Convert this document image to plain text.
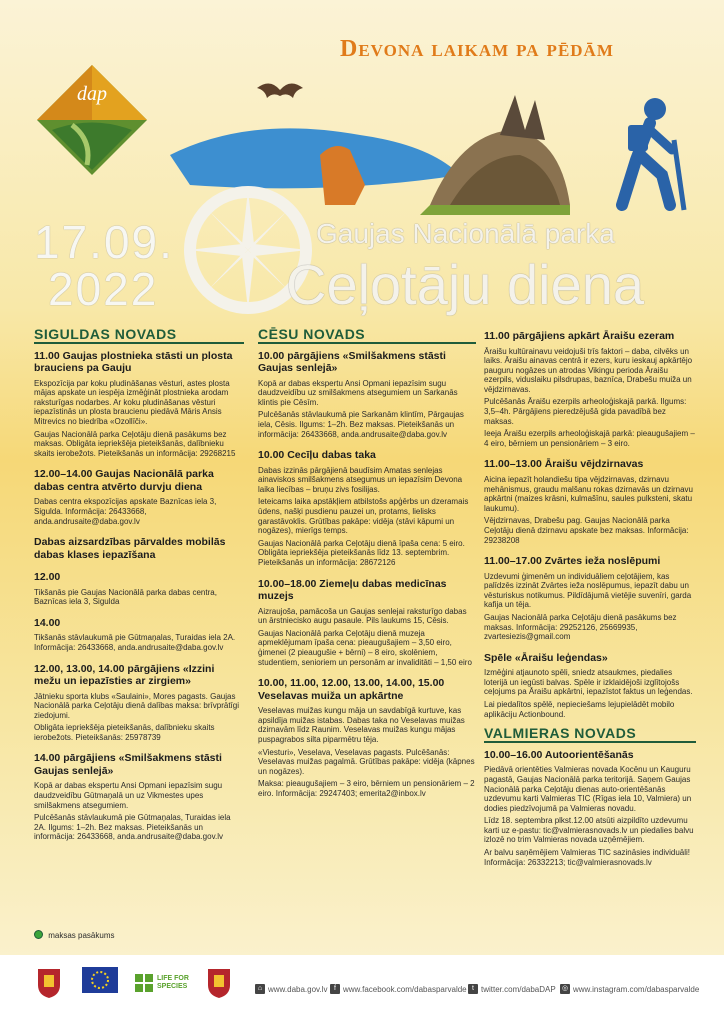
Devona laikam pa pēdām
dap
17.09.
2022
Gaujas Nacionālā parka
Ceļotāju diena
SIGULDAS NOVADS
11.00 Gaujas plostnieka stāsti un plosta brauciens pa Gauju

Ekspozīcija par koku pludināšanas vēsturi, astes plosta mājas apskate un iespēja izmēģināt plostnieka arodam raksturīgas nodarbes. Ar koku pludināšanas vēsturi iepazīstinās un plosta braucienu piedāvā Māris Ansis Mitrevics no biedrība «Ozollīči».

Gaujas Nacionālā parka Ceļotāju dienā pasākums bez maksas. Obligāta iepriekšēja pieteikšanās, dalībnieku skaits ierobežots. Pieteikšanās un informācija: 29268215

12.00–14.00 Gaujas Nacionālā parka dabas centra atvērto durvju diena

Dabas centra ekspozīcijas apskate Baznīcas iela 3, Sigulda. Informācija: 26433668, anda.andrusaite@daba.gov.lv

Dabas aizsardzības pārvaldes mobilās dabas klases iepazīšana
12.00

Tikšanās pie Gaujas Nacionālā parka dabas centra, Baznīcas iela 3, Sigulda

14.00

Tikšanās stāvlaukumā pie Gūtmaņalas, Turaidas iela 2A. Informācija: 26433668, anda.andrusaite@daba.gov.lv

12.00, 13.00, 14.00 pārgājiens «Izzini mežu un iepazīsties ar zirgiem»

Jātnieku sporta klubs «Saulaini», Mores pagasts. Gaujas Nacionālā parka Ceļotāju dienā dalības maksa: brīvprātīgi ziedojumi.

Obligāta iepriekšēja pieteikšanās, dalībnieku skaits ierobežots. Pieteikšanās: 25978739

14.00 pārgājiens «Smilšakmens stāsti Gaujas senlejā»

Kopā ar dabas ekspertu Ansi Opmani iepazīsim sugu daudzveidību Gūtmaņalā un uz Vikmestes upes smilšakmens atsegumiem.

Pulcēšanās stāvlaukumā pie Gūtmaņalas, Turaidas iela 2A. Ilgums: 1–2h. Bez maksas. Pieteikšanās un informācija: 26433668, anda.andrusaite@daba.gov.lv

CĒSU NOVADS
10.00 pārgājiens «Smilšakmens stāsti Gaujas senlejā»

Kopā ar dabas ekspertu Ansi Opmani iepazīsim sugu daudzveidību uz smilšakmens atsegumiem un Sarkanās klintis pie Cēsīm.

Pulcēšanās stāvlaukumā pie Sarkanām klintīm, Pārgaujas iela, Cēsis. Ilgums: 1–2h. Bez maksas. Pieteikšanās un informācija: 26433668, anda.andrusaite@daba.gov.lv

10.00 Cecīļu dabas taka

Dabas izzinās pārgājienā baudīsim Amatas senlejas ainaviskos smilšakmens atsegumus un iepazīsim Devona laika liecības – bruņu zivs fosilijas.

Ieteicams laika apstākļiem atbilstošs apģērbs un dzeramais ūdens, našķi pusdienu pauzei un, protams, lielisks garastāvoklis. Grūtības pakāpe: vidēja (stāvi kāpumi un nogāzes), mierīgs temps.

Gaujas Nacionālā parka Ceļotāju dienā īpaša cena: 5 eiro. Obligāta iepriekšēja pieteikšanās līdz 13. septembrim. Pieteikšanās un informācija: 28672126

10.00–18.00 Ziemeļu dabas medicīnas muzejs

Aizraujoša, pamācoša un Gaujas senlejai raksturīgo dabas un ārstniecisko augu pasaule. Pils laukums 15, Cēsis.

Gaujas Nacionālā parka Ceļotāju dienā muzeja apmeklējumam īpaša cena: pieaugušajiem – 3,50 eiro, ģimenei (2 pieaugušie + bērni) – 8 eiro, skolēniem, studentiem, senioriem un personām ar invaliditāti – 1,50 eiro

10.00, 11.00, 12.00, 13.00, 14.00, 15.00 Veselavas muiža un apkārtne

Veselavas muižas kungu māja un savdabīgā kurtuve, kas apsildīja muižas istabas. Dabas taka no Veselavas muižas dzirnavām līdz Raunim. Veselavas muižas kungu mājas puspagrabos silta piparmētru tēja.

«Viesturi», Veselava, Veselavas pagasts. Pulcēšanās: Veselavas muižas pagalmā. Grūtības pakāpe: vidēja (kāpnes un nogāzes).

Maksa: pieaugušajiem – 3 eiro, bērniem un pensionāriem – 2 eiro. Informācija: 29247403; emerita2@inbox.lv

11.00 pārgājiens apkārt Āraišu ezeram

Āraišu kultūrainavu veidojuši trīs faktori – daba, cilvēks un laiks. Āraišu ainavas centrā ir ezers, kuru ieskauj apkārtējo pauguru nogāzes un atrodas Vikingu perioda Āraišu ezerpils, viduslaiku pilsdrupas, baznīca, Drabešu muiža un vējdzirnavas.

Pulcēšanās Āraišu ezerpils arheoloģiskajā parkā. Ilgums: 3,5–4h. Pārgājiens pieredzējušā gida pavadībā bez maksas.

Ieeja Āraišu ezerpils arheoloģiskajā parkā: pieaugušajiem – 4 eiro, bērniem un pensionāriem – 3 eiro.

11.00–13.00 Āraišu vējdzirnavas

Aicina iepazīt holandiešu tipa vējdzirnavas, dzirnavu mehānismus, graudu malšanu rokas dzirnavās un dzirnavu apkārtni (maizes krāsni, kulmašīnu, saules pulksteni, skatu laukumu).

Vējdzirnavas, Drabešu pag. Gaujas Nacionālā parka Ceļotāju dienā dzirnavu apskate bez maksas. Informācija: 29238208

11.00–17.00 Zvārtes ieža noslēpumi

Uzdevumi ģimenēm un individuāliem ceļotājiem, kas palīdzēs izzināt Zvārtes ieža noslēpumus, iepazīt dabu un vēsturiskus notikumus. Pildīdājumā vietējie suvenīri, garda kafija un tēja.

Gaujas Nacionālā parka Ceļotāju dienā pasākums bez maksas. Informācija: 29252126, 25669935, zvartesiezis@gmail.com

Spēle «Āraišu leģendas»

Izmēģini atjaunoto spēli, sniedz atsaukmes, piedalies loterijā un iegūsti balvas. Spēle ir izklaidējoši izglītojošs ceļojums pa Āraišu apkārtni, iepazīstot faktus un leģendas.

Lai piedalītos spēlē, nepieciešams lejupielādēt mobilo aplikāciju Actionbound.

VALMIERAS NOVADS
10.00–16.00 Autoorientēšanās

Piedāvā orientēties Valmieras novada Kocēnu un Kauguru pagastā, Gaujas Nacionālā parka teritorijā. Saņem Gaujas Nacionālā parka Ceļotāju dienas auto-orientēšanās uzdevumu karti Valmieras TIC (Rīgas iela 10, Valmiera) un dodies piedzīvojumā pa Valmieras novadu.

Līdz 18. septembra plkst.12.00 atsūti aizpildīto uzdevumu karti uz e-pastu: tic@valmierasnovads.lv un piedalies balvu izlozē no trim Valmieras novada uzņēmējiem.

Ar balvu saņēmējiem Valmieras TIC sazināsies individuāli! Informācija: 26332213; tic@valmierasnovads.lv

maksas pasākums
LIFE FOR SPECIES	⌂ www.daba.gov.lv f www.facebook.com/dabasparvalde t twitter.com/dabaDAP ◎ www.instagram.com/dabasparvalde
